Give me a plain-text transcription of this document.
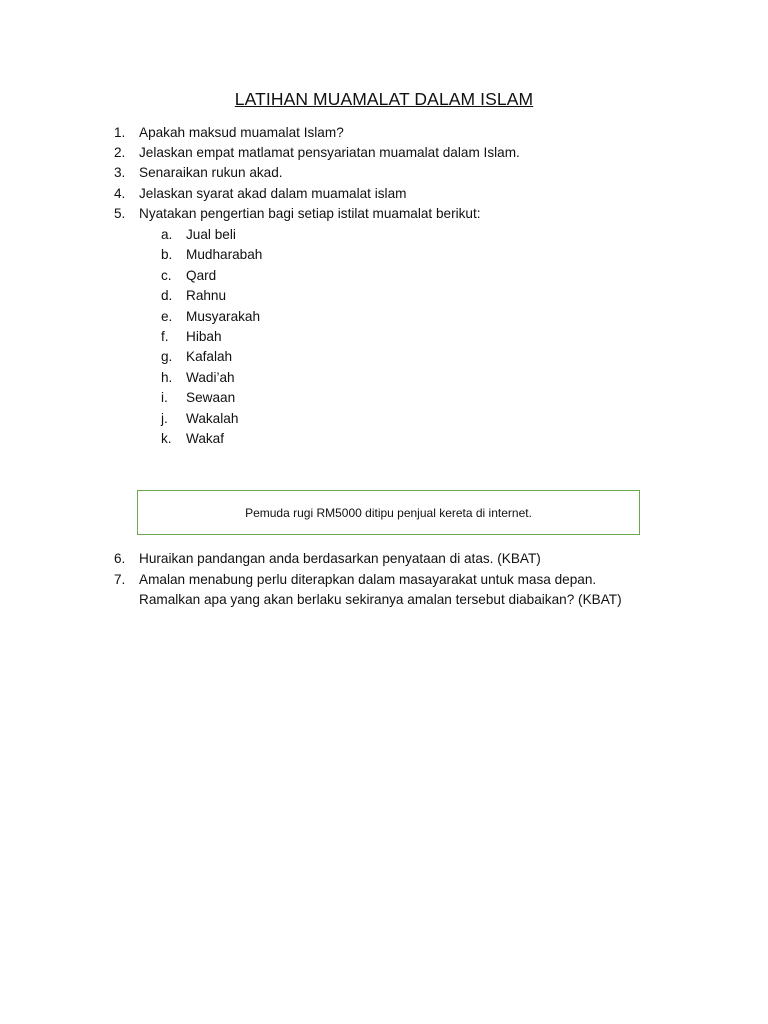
LATIHAN MUAMALAT DALAM ISLAM
1. Apakah maksud muamalat Islam?
2. Jelaskan empat matlamat pensyariatan muamalat dalam Islam.
3. Senaraikan rukun akad.
4. Jelaskan syarat akad dalam muamalat islam
5. Nyatakan pengertian bagi setiap istilat muamalat berikut:
a. Jual beli
b. Mudharabah
c. Qard
d. Rahnu
e. Musyarakah
f. Hibah
g. Kafalah
h. Wadi’ah
i. Sewaan
j. Wakalah
k. Wakaf
Pemuda rugi RM5000 ditipu penjual kereta di internet.
6. Huraikan pandangan anda berdasarkan penyataan di atas. (KBAT)
7. Amalan menabung perlu diterapkan dalam masayarakat untuk masa depan.
Ramalkan apa yang akan berlaku sekiranya amalan tersebut diabaikan? (KBAT)
